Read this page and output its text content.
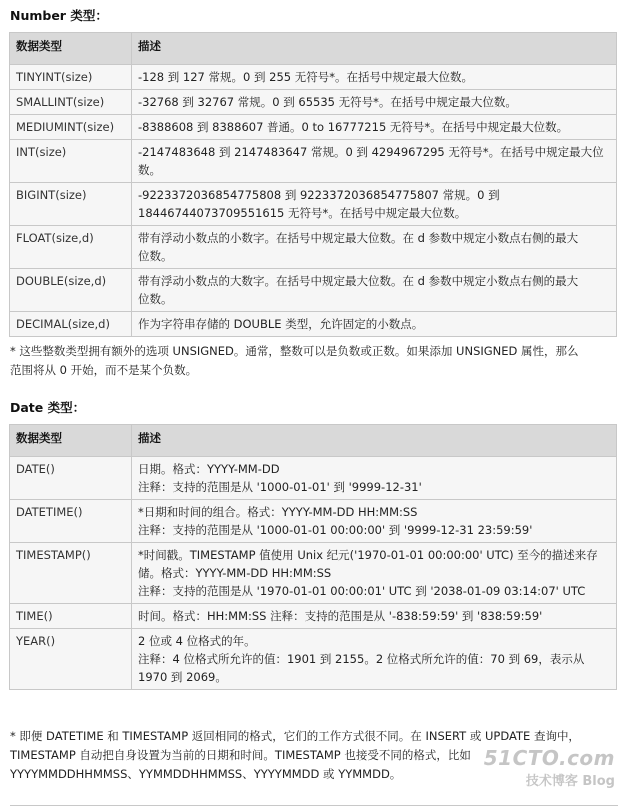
Number 类型：
数据类型	描述
TINYINT(size)	-128 到 127 常规。0 到 255 无符号*。在括号中规定最大位数。

SMALLINT(size)	-32768 到 32767 常规。0 到 65535 无符号*。在括号中规定最大位数。

MEDIUMINT(size)	-8388608 到 8388607 普通。0 to 16777215 无符号*。在括号中规定最大位数。

INT(size)	-2147483648 到 2147483647 常规。0 到 4294967295 无符号*。在括号中规定最大位
数。

BIGINT(size)	-9223372036854775808 到 9223372036854775807 常规。0 到
18446744073709551615 无符号*。在括号中规定最大位数。

FLOAT(size,d)	带有浮动小数点的小数字。在括号中规定最大位数。在 d 参数中规定小数点右侧的最大
位数。

DOUBLE(size,d)	带有浮动小数点的大数字。在括号中规定最大位数。在 d 参数中规定小数点右侧的最大
位数。

DECIMAL(size,d)	作为字符串存储的 DOUBLE 类型，允许固定的小数点。
* 这些整数类型拥有额外的选项 UNSIGNED。通常，整数可以是负数或正数。如果添加 UNSIGNED 属性，那么
范围将从 0 开始，而不是某个负数。
Date 类型：
数据类型	描述
DATE()	日期。格式：YYYY-MM-DD
注释：支持的范围是从 '1000-01-01' 到 '9999-12-31'

DATETIME()	*日期和时间的组合。格式：YYYY-MM-DD HH:MM:SS
注释：支持的范围是从 '1000-01-01 00:00:00' 到 '9999-12-31 23:59:59'

TIMESTAMP()	*时间戳。TIMESTAMP 值使用 Unix 纪元('1970-01-01 00:00:00' UTC) 至今的描述来存
储。格式：YYYY-MM-DD HH:MM:SS
注释：支持的范围是从 '1970-01-01 00:00:01' UTC 到 '2038-01-09 03:14:07' UTC

TIME()	时间。格式：HH:MM:SS 注释：支持的范围是从 '-838:59:59' 到 '838:59:59'

YEAR()	2 位或 4 位格式的年。
注释：4 位格式所允许的值：1901 到 2155。2 位格式所允许的值：70 到 69，表示从
1970 到 2069。
* 即便 DATETIME 和 TIMESTAMP 返回相同的格式，它们的工作方式很不同。在 INSERT 或 UPDATE 查询中，
TIMESTAMP 自动把自身设置为当前的日期和时间。TIMESTAMP 也接受不同的格式，比如
YYYYMMDDHHMMSS、YYMMDDHHMMSS、YYYYMMDD 或 YYMMDD。
51CTO.com
技术博客 Blog
